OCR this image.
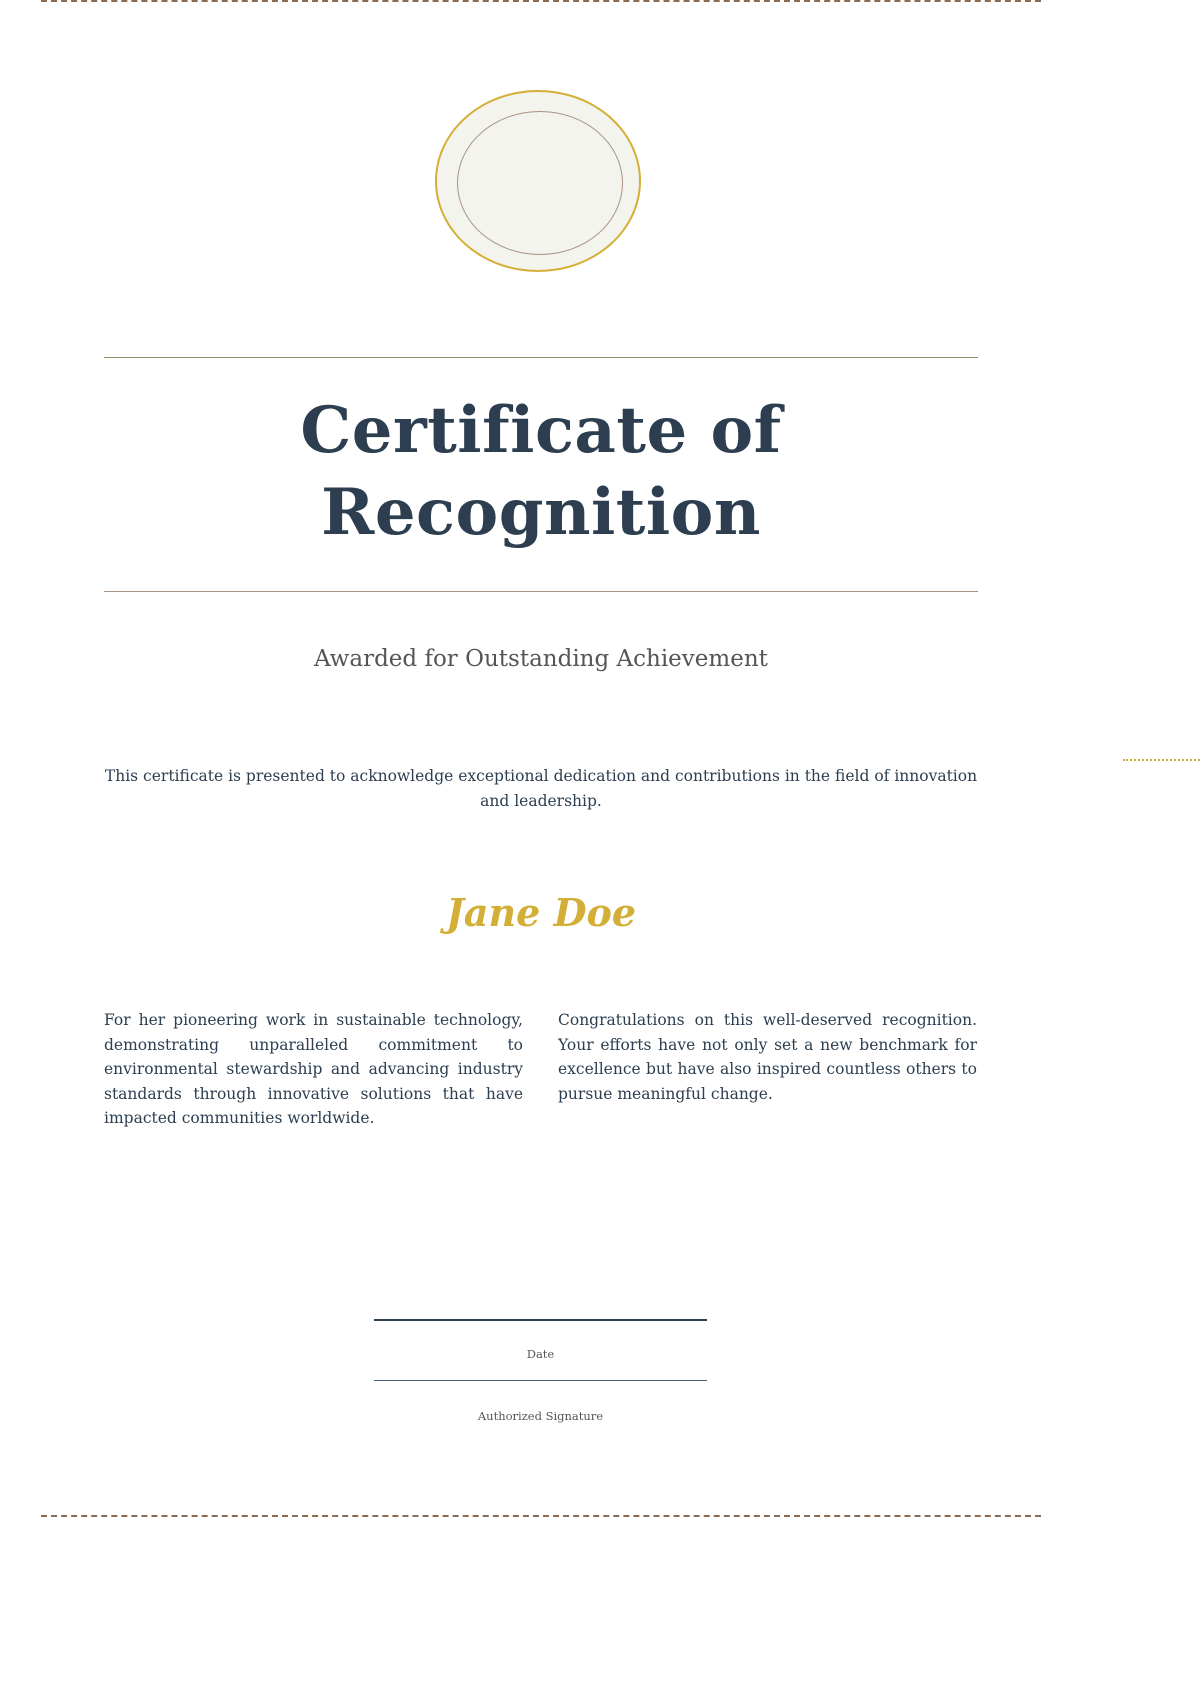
Certificate of
Recognition
Awarded for Outstanding Achievement
This certificate is presented to acknowledge exceptional dedication and contributions in the field of innovation and leadership.
Jane Doe
For her pioneering work in sustainable technology, demonstrating unparalleled commitment to environmental stewardship and advancing industry standards through innovative solutions that have impacted communities worldwide.
Congratulations on this well-deserved recognition. Your efforts have not only set a new benchmark for excellence but have also inspired countless others to pursue meaningful change.
Date
Authorized Signature
